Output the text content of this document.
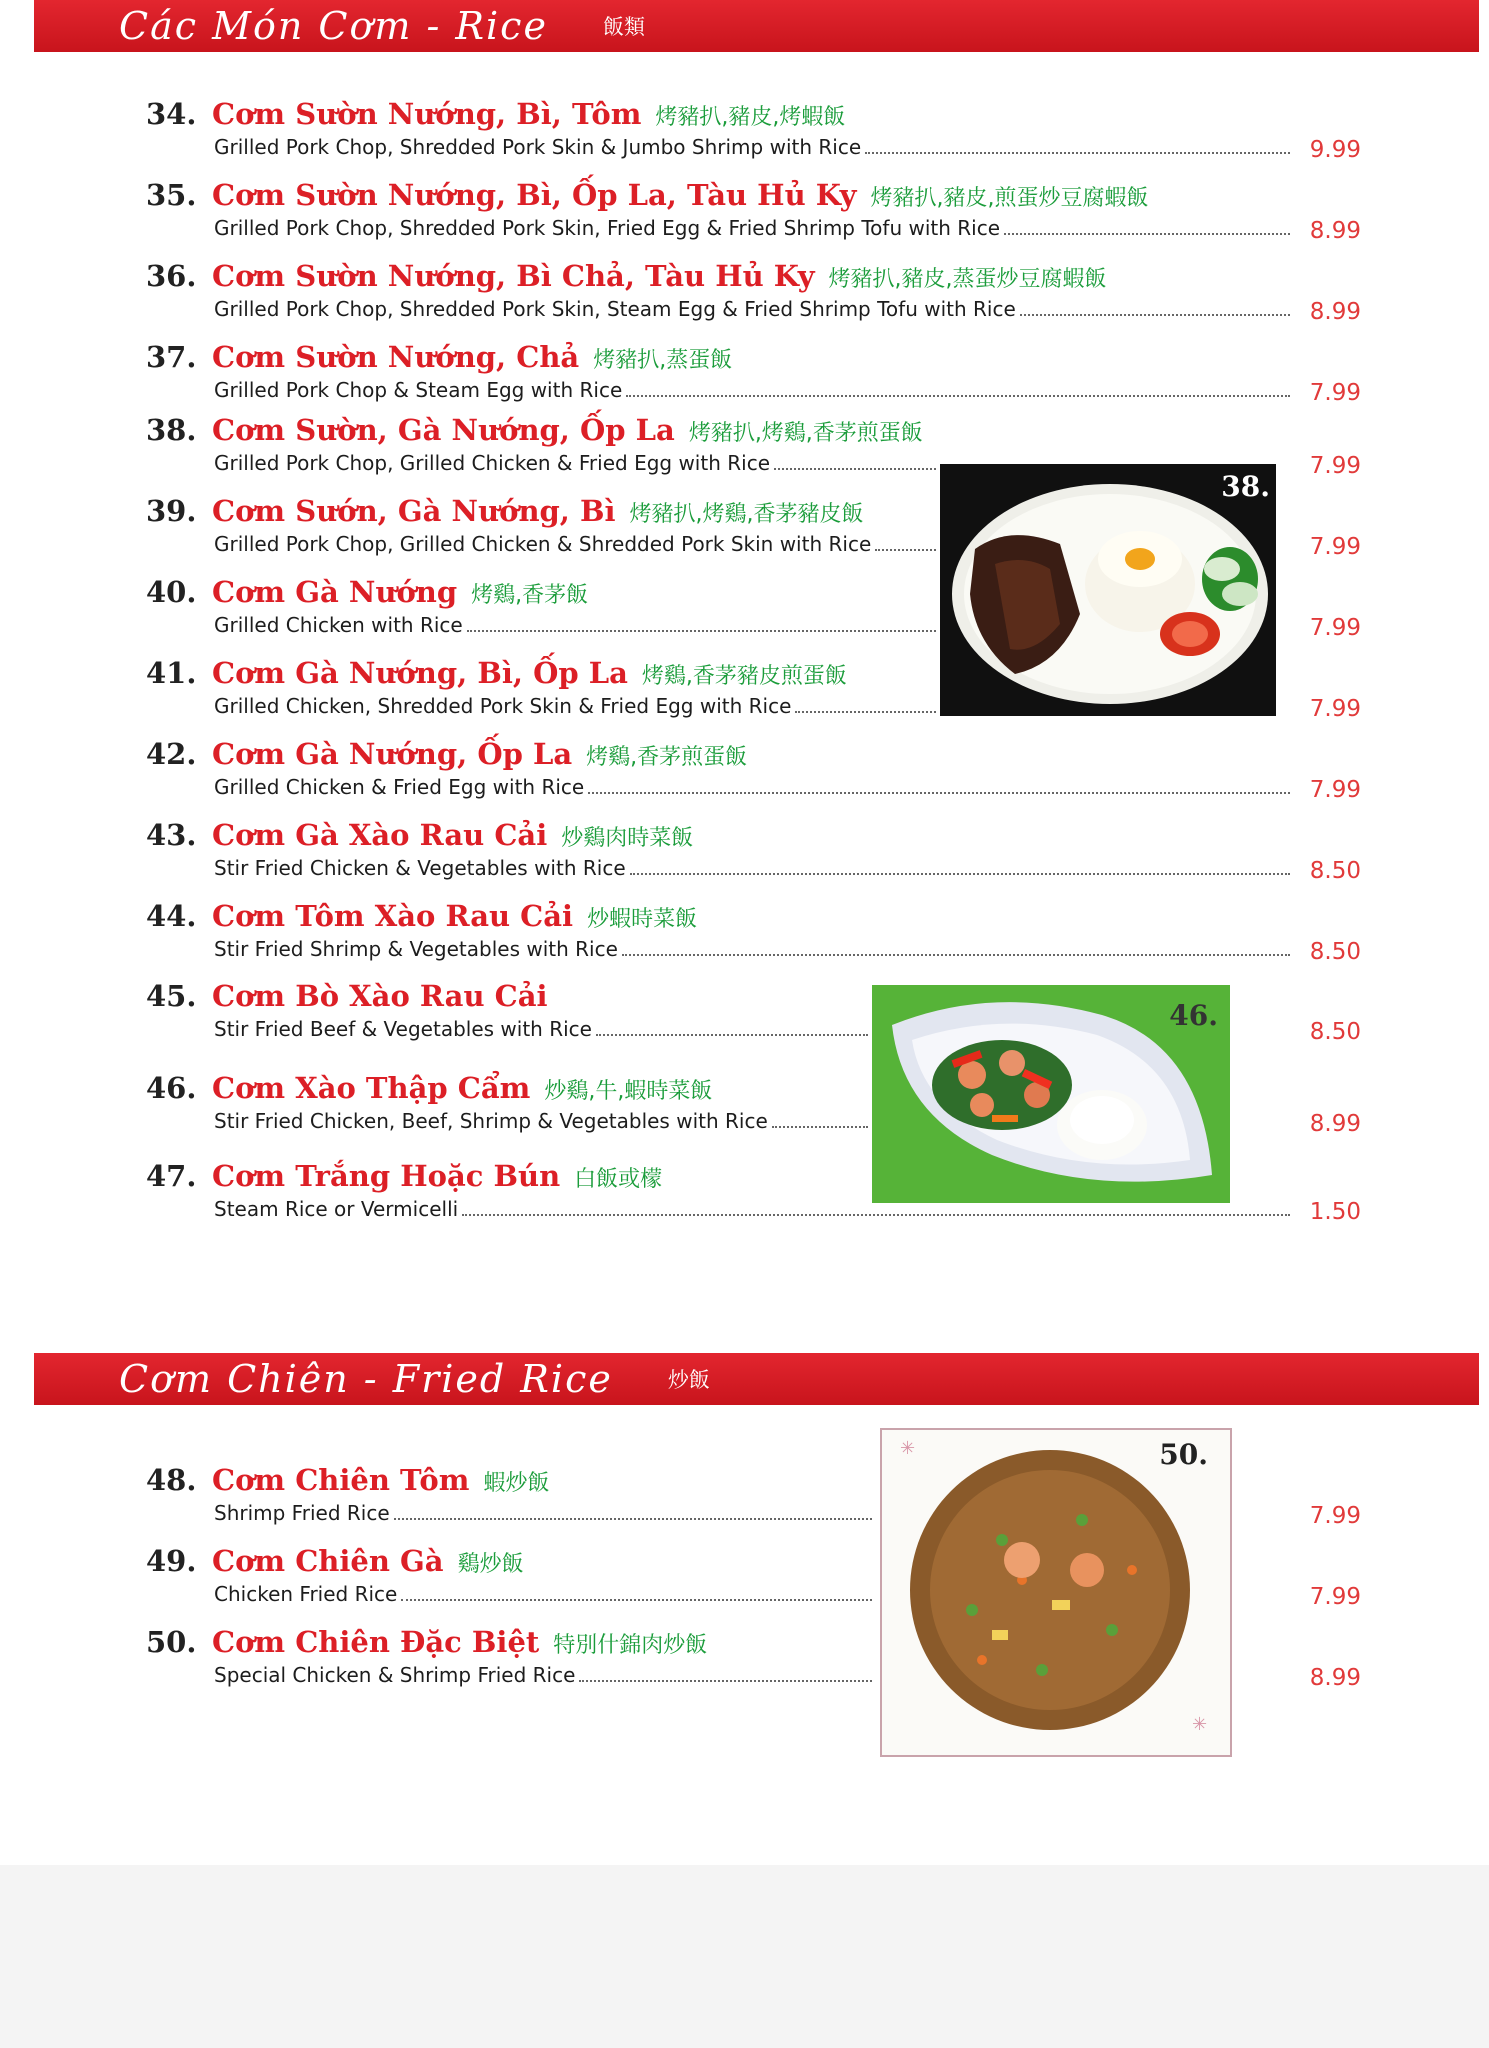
Các Món Cơm - Rice	飯類
34. Cơm Sườn Nướng, Bì, Tôm 烤豬扒,豬皮,烤蝦飯
Grilled Pork Chop, Shredded Pork Skin & Jumbo Shrimp with Rice	9.99
35. Cơm Sườn Nướng, Bì, Ốp La, Tàu Hủ Ky 烤豬扒,豬皮,煎蛋炒豆腐蝦飯
Grilled Pork Chop, Shredded Pork Skin, Fried Egg & Fried Shrimp Tofu with Rice	8.99
36. Cơm Sườn Nướng, Bì Chả, Tàu Hủ Ky 烤豬扒,豬皮,蒸蛋炒豆腐蝦飯
Grilled Pork Chop, Shredded Pork Skin, Steam Egg & Fried Shrimp Tofu with Rice	8.99
37. Cơm Sườn Nướng, Chả 烤豬扒,蒸蛋飯
Grilled Pork Chop & Steam Egg with Rice	7.99
38. Cơm Sườn, Gà Nướng, Ốp La 烤豬扒,烤鷄,香茅煎蛋飯
Grilled Pork Chop, Grilled Chicken & Fried Egg with Rice	7.99
39. Cơm Sướn, Gà Nướng, Bì 烤豬扒,烤鷄,香茅豬皮飯
Grilled Pork Chop, Grilled Chicken & Shredded Pork Skin with Rice	7.99
40. Cơm Gà Nướng 烤鷄,香茅飯
Grilled Chicken with Rice	7.99
41. Cơm Gà Nướng, Bì, Ốp La 烤鷄,香茅豬皮煎蛋飯
Grilled Chicken, Shredded Pork Skin & Fried Egg with Rice	7.99
42. Cơm Gà Nướng, Ốp La 烤鷄,香茅煎蛋飯
Grilled Chicken & Fried Egg with Rice	7.99
43. Cơm Gà Xào Rau Cải 炒鷄肉時菜飯
Stir Fried Chicken & Vegetables with Rice	8.50
44. Cơm Tôm Xào Rau Cải 炒蝦時菜飯
Stir Fried Shrimp & Vegetables with Rice	8.50
45. Cơm Bò Xào Rau Cải
Stir Fried Beef & Vegetables with Rice	8.50
46. Cơm Xào Thập Cẩm 炒鷄,牛,蝦時菜飯
Stir Fried Chicken, Beef, Shrimp & Vegetables with Rice	8.99
47. Cơm Trắng Hoặc Bún 白飯或檬
Steam Rice or Vermicelli	1.50
38.
46.
Cơm Chiên - Fried Rice	炒飯
48. Cơm Chiên Tôm 蝦炒飯
Shrimp Fried Rice	7.99
49. Cơm Chiên Gà 鷄炒飯
Chicken Fried Rice	7.99
50. Cơm Chiên Đặc Biệt 特別什錦肉炒飯
Special Chicken & Shrimp Fried Rice	8.99
✳
✳
50.
